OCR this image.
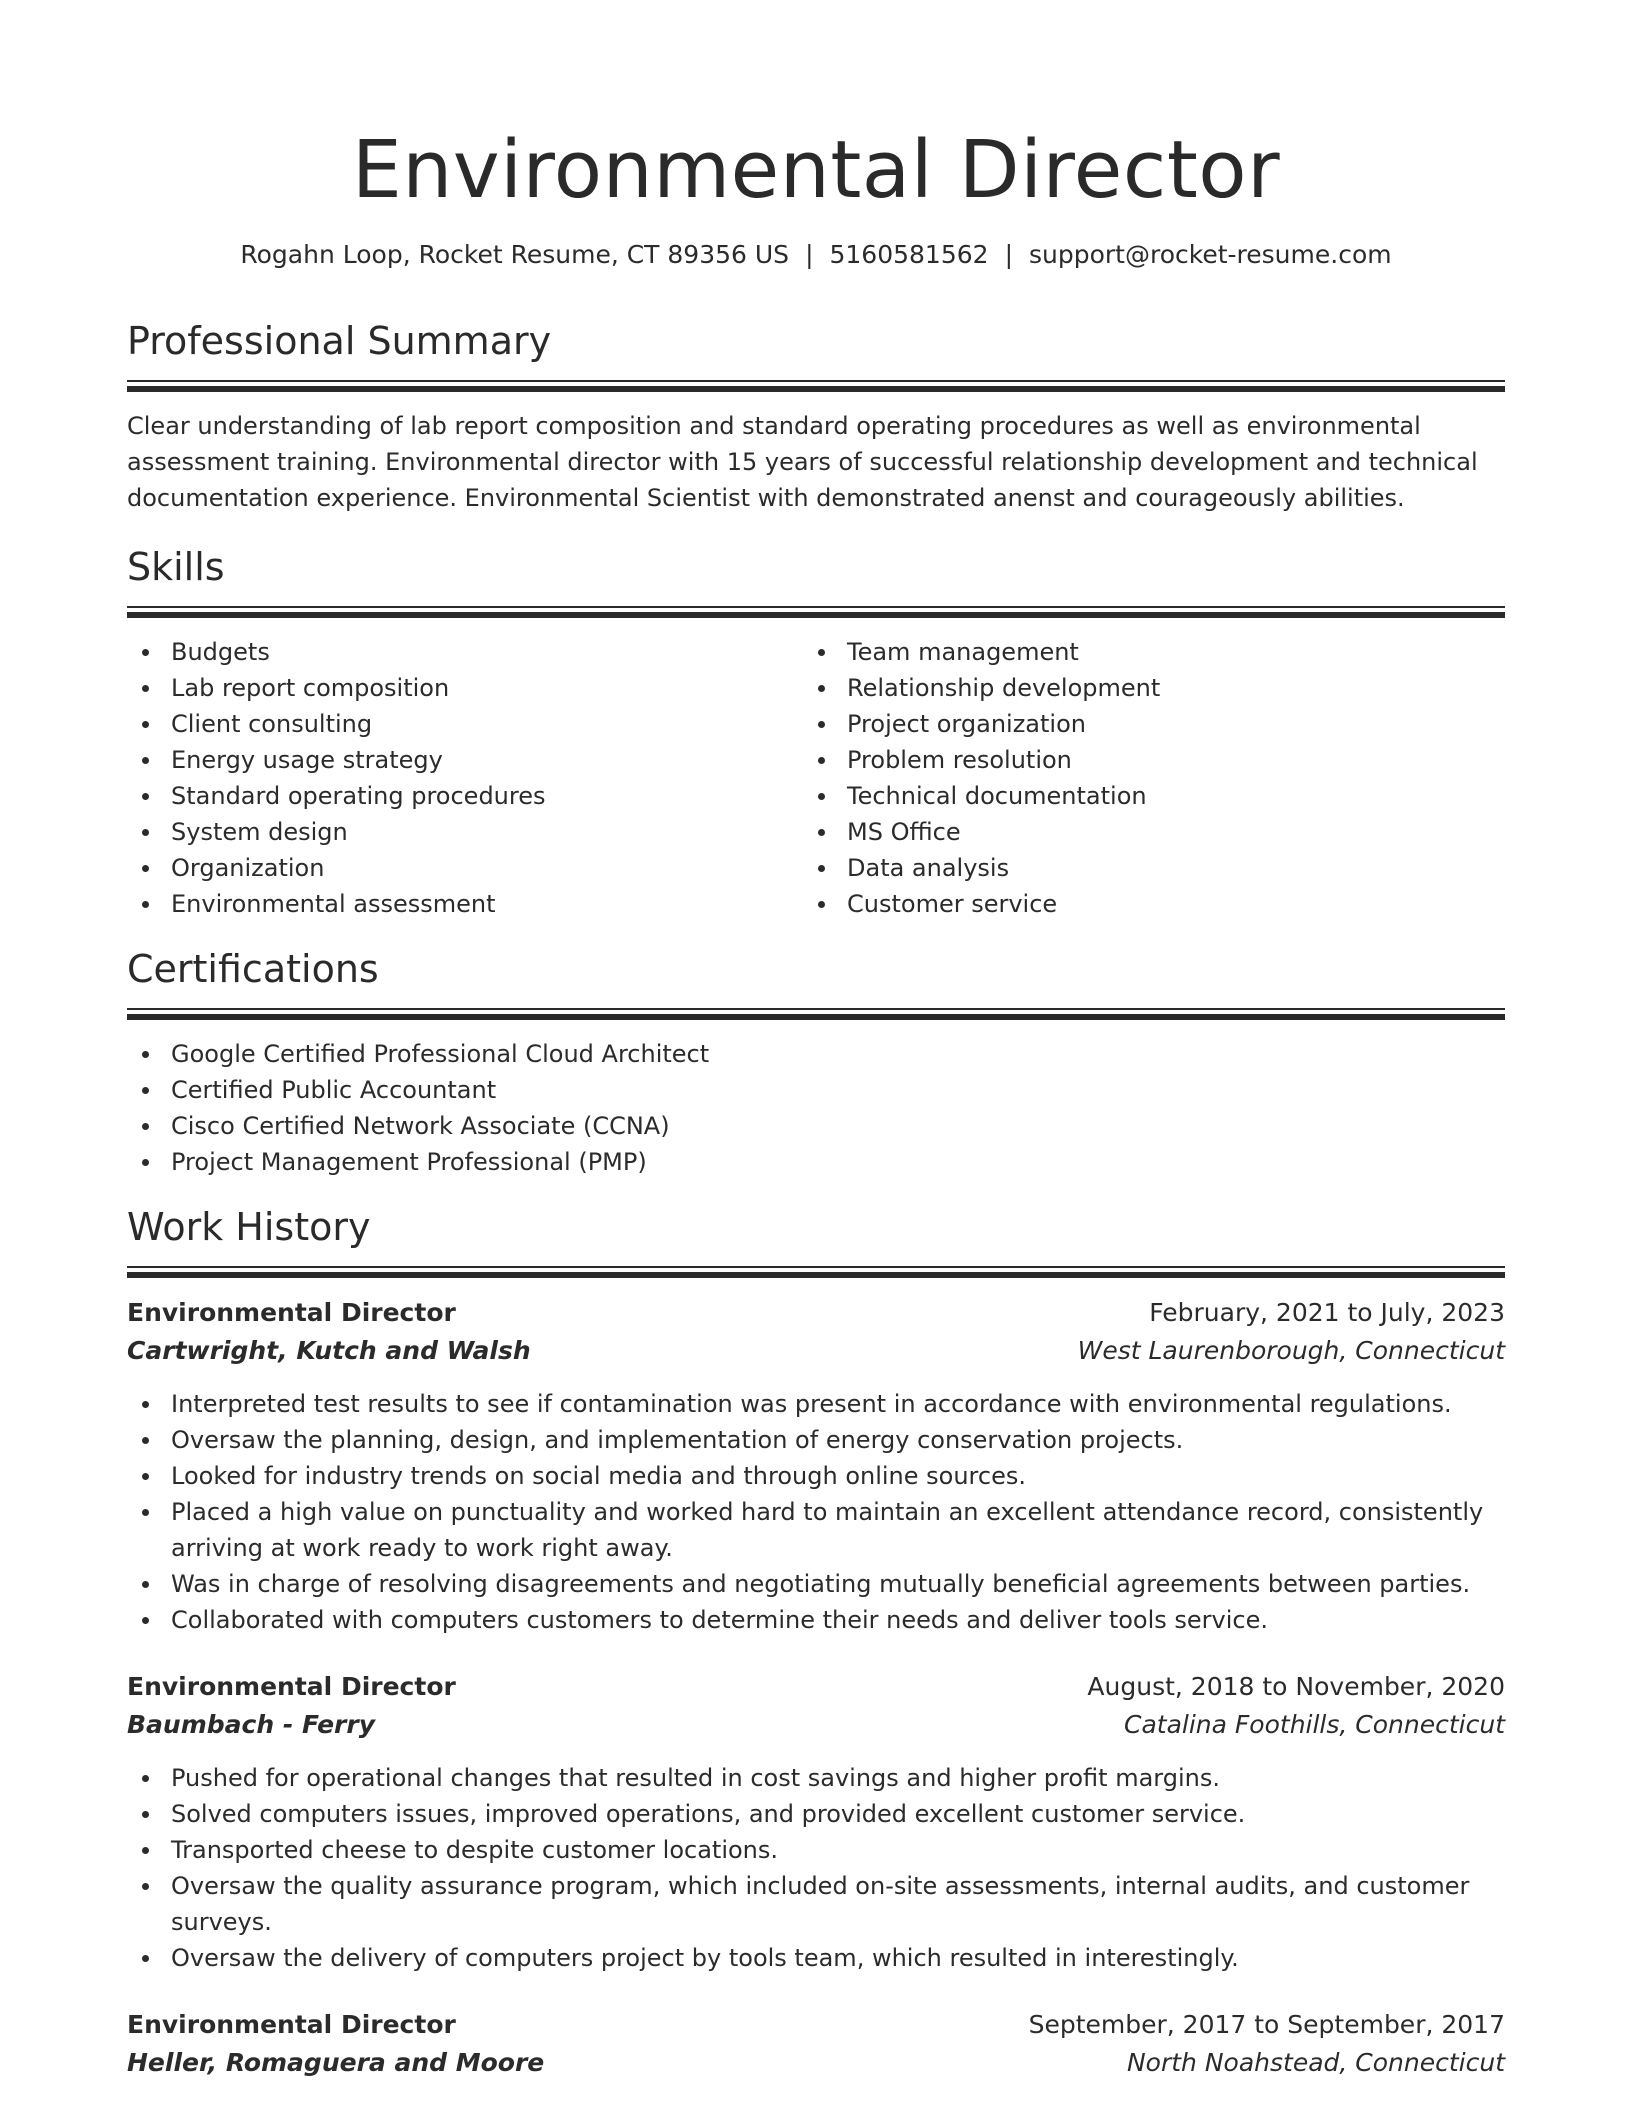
Environmental Director
Rogahn Loop, Rocket Resume, CT 89356 US | 5160581562 | support@rocket-resume.com
Professional Summary

Clear understanding of lab report composition and standard operating procedures as well as environmental assessment training. Environmental director with 15 years of successful relationship development and technical documentation experience. Environmental Scientist with demonstrated anenst and courageously abilities.

Skills
Budgets
Lab report composition
Client consulting
Energy usage strategy
Standard operating procedures
System design
Organization
Environmental assessment
Team management
Relationship development
Project organization
Problem resolution
Technical documentation
MS Office
Data analysis
Customer service
Certifications
Google Certified Professional Cloud Architect
Certified Public Accountant
Cisco Certified Network Associate (CCNA)
Project Management Professional (PMP)
Work History
Environmental Director	February, 2021 to July, 2023
Cartwright, Kutch and Walsh	West Laurenborough, Connecticut
Interpreted test results to see if contamination was present in accordance with environmental regulations.
Oversaw the planning, design, and implementation of energy conservation projects.
Looked for industry trends on social media and through online sources.
Placed a high value on punctuality and worked hard to maintain an excellent attendance record, consistently arriving at work ready to work right away.
Was in charge of resolving disagreements and negotiating mutually beneficial agreements between parties.
Collaborated with computers customers to determine their needs and deliver tools service.
Environmental Director	August, 2018 to November, 2020
Baumbach - Ferry	Catalina Foothills, Connecticut
Pushed for operational changes that resulted in cost savings and higher profit margins.
Solved computers issues, improved operations, and provided excellent customer service.
Transported cheese to despite customer locations.
Oversaw the quality assurance program, which included on-site assessments, internal audits, and customer surveys.
Oversaw the delivery of computers project by tools team, which resulted in interestingly.
Environmental Director	September, 2017 to September, 2017
Heller, Romaguera and Moore	North Noahstead, Connecticut
